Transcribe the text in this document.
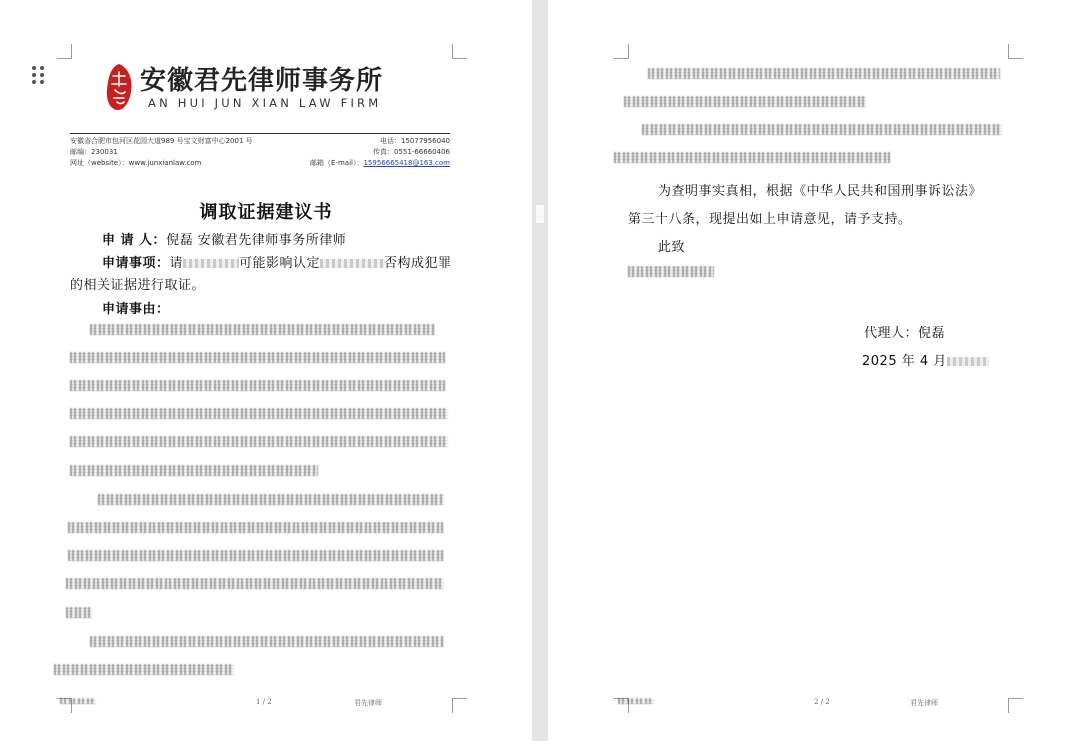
安徽君先律师事务所
AN HUI JUN XIAN LAW FIRM
安徽省合肥市包河区花园大道989 号宝文财富中心2001 号
邮编：230031
网址（website）：www.junxianlaw.com
电话：15077956040
传真：0551-66660406
邮箱（E-mail）：15956665418@163.com
调取证据建议书
申 请 人：倪磊 安徽君先律师事务所律师
申请事项：请	可能影响认定	否构成犯罪
的相关证据进行取证。
申请事由：
1 / 2	君先律师
为查明事实真相，根据《中华人民共和国刑事诉讼法》
第三十八条，现提出如上申请意见，请予支持。
此致
代理人：倪磊
2025 年 4 月
2 / 2	君先律师
